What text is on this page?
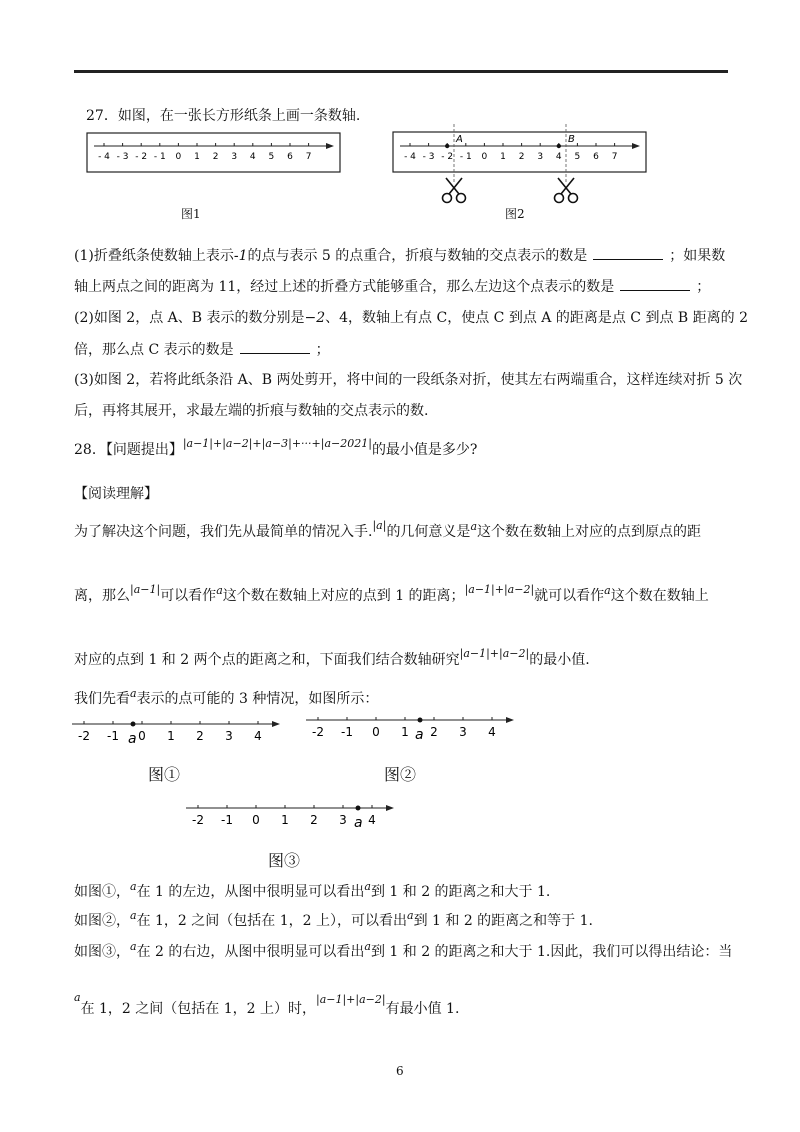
27．如图，在一张长方形纸条上画一条数轴.
- 4 - 3 - 2 - 1 0 1 2 3 4 5 6 7
图1
A	B
- 4 - 3 - 2 - 1 0 1 2 3 4 5 6 7
图2
(1)折叠纸条使数轴上表示-1的点与表示 5 的点重合，折痕与数轴的交点表示的数是	；如果数
轴上两点之间的距离为 11，经过上述的折叠方式能够重合，那么左边这个点表示的数是	；
(2)如图 2，点 A、B 表示的数分别是−2、4，数轴上有点 C，使点 C 到点 A 的距离是点 C 到点 B 距离的 2
倍，那么点 C 表示的数是	；
(3)如图 2，若将此纸条沿 A、B 两处剪开，将中间的一段纸条对折，使其左右两端重合，这样连续对折 5 次
后，再将其展开，求最左端的折痕与数轴的交点表示的数.
28．【问题提出】$^{|a-1|+|a-2|+|a-3|+\cdot\cdot\cdot+|a-2021|}$的最小值是多少?
【阅读理解】
为了解决这个问题，我们先从最简单的情况入手.$^{|a|}$的几何意义是$^a$这个数在数轴上对应的点到原点的距
离，那么$^{|a-1|}$可以看作$^a$这个数在数轴上对应的点到 1 的距离；$^{|a-1|+|a-2|}$就可以看作$^a$这个数在数轴上
对应的点到 1 和 2 两个点的距离之和，下面我们结合数轴研究$^{|a-1|+|a-2|}$的最小值.
我们先看$^a$表示的点可能的 3 种情况，如图所示：
-2 -1 0 1 2 3 4
a
图①
-2 -1 0 1 2 3 4
a
图②
-2 -1 0 1 2 3 4
a
图③
如图①，$^a$在 1 的左边，从图中很明显可以看出$^a$到 1 和 2 的距离之和大于 1.
如图②，$^a$在 1，2 之间（包括在 1，2 上），可以看出$^a$到 1 和 2 的距离之和等于 1.
如图③，$^a$在 2 的右边，从图中很明显可以看出$^a$到 1 和 2 的距离之和大于 1.因此，我们可以得出结论：当
$^a$在 1，2 之间（包括在 1，2 上）时，$^{|a-1|+|a-2|}$有最小值 1.
6
